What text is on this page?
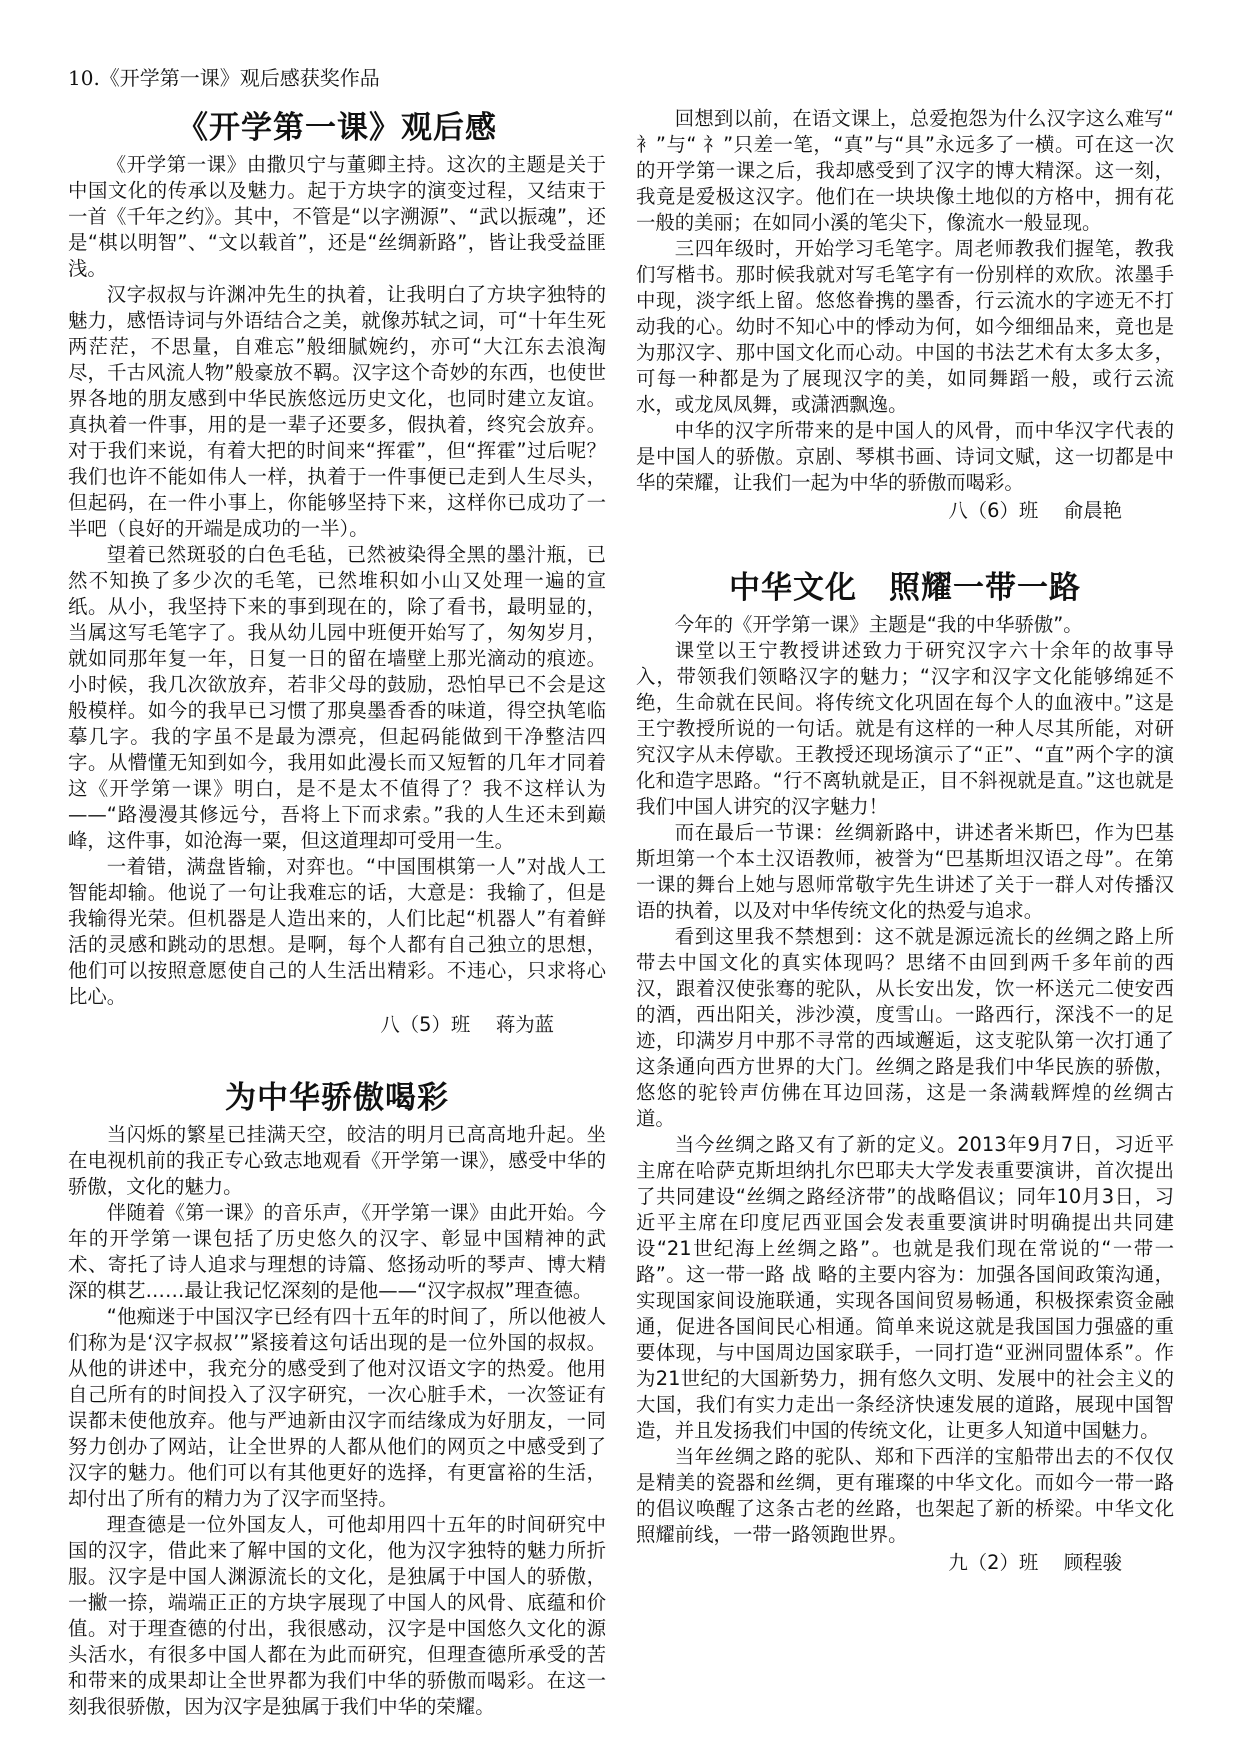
10.《开学第一课》观后感获奖作品
《开学第一课》观后感

《开学第一课》由撒贝宁与董卿主持。这次的主题是关于中国文化的传承以及魅力。起于方块字的演变过程，又结束于一首《千年之约》。其中，不管是“以字溯源”、“武以振魂”，还是“棋以明智”、“文以载首”，还是“丝绸新路”，皆让我受益匪浅。

汉字叔叔与许渊冲先生的执着，让我明白了方块字独特的魅力，感悟诗词与外语结合之美，就像苏轼之词，可“十年生死两茫茫，不思量，自难忘”般细腻婉约，亦可“大江东去浪淘尽，千古风流人物”般豪放不羁。汉字这个奇妙的东西，也使世界各地的朋友感到中华民族悠远历史文化，也同时建立友谊。真执着一件事，用的是一辈子还要多，假执着，终究会放弃。对于我们来说，有着大把的时间来“挥霍”，但“挥霍”过后呢？我们也许不能如伟人一样，执着于一件事便已走到人生尽头，但起码，在一件小事上，你能够坚持下来，这样你已成功了一半吧（良好的开端是成功的一半）。

望着已然斑驳的白色毛毡，已然被染得全黑的墨汁瓶，已然不知换了多少次的毛笔，已然堆积如小山又处理一遍的宣纸。从小，我坚持下来的事到现在的，除了看书，最明显的，当属这写毛笔字了。我从幼儿园中班便开始写了，匆匆岁月，就如同那年复一年，日复一日的留在墙壁上那光滴动的痕迹。小时候，我几次欲放弃，若非父母的鼓励，恐怕早已不会是这般模样。如今的我早已习惯了那臭墨香香的味道，得空执笔临摹几字。我的字虽不是最为漂亮，但起码能做到干净整洁四字。从懵懂无知到如今，我用如此漫长而又短暂的几年才同着这《开学第一课》明白，是不是太不值得了？我不这样认为——“路漫漫其修远兮，吾将上下而求索。”我的人生还未到巅峰，这件事，如沧海一粟，但这道理却可受用一生。

一着错，满盘皆输，对弈也。“中国围棋第一人”对战人工智能却输。他说了一句让我难忘的话，大意是：我输了，但是我输得光荣。但机器是人造出来的，人们比起“机器人”有着鲜活的灵感和跳动的思想。是啊，每个人都有自己独立的思想，他们可以按照意愿使自己的人生活出精彩。不违心，只求将心比心。

八（5）班　 蒋为蓝

为中华骄傲喝彩

当闪烁的繁星已挂满天空，皎洁的明月已高高地升起。坐在电视机前的我正专心致志地观看《开学第一课》，感受中华的骄傲，文化的魅力。

伴随着《第一课》的音乐声，《开学第一课》由此开始。今年的开学第一课包括了历史悠久的汉字、彰显中国精神的武术、寄托了诗人追求与理想的诗篇、悠扬动听的琴声、博大精深的棋艺……最让我记忆深刻的是他——“汉字叔叔”理查德。

“他痴迷于中国汉字已经有四十五年的时间了，所以他被人们称为是‘汉字叔叔’”紧接着这句话出现的是一位外国的叔叔。从他的讲述中，我充分的感受到了他对汉语文字的热爱。他用自己所有的时间投入了汉字研究，一次心脏手术，一次签证有误都未使他放弃。他与严迪新由汉字而结缘成为好朋友，一同努力创办了网站，让全世界的人都从他们的网页之中感受到了汉字的魅力。他们可以有其他更好的选择，有更富裕的生活，却付出了所有的精力为了汉字而坚持。

理查德是一位外国友人，可他却用四十五年的时间研究中国的汉字，借此来了解中国的文化，他为汉字独特的魅力所折服。汉字是中国人渊源流长的文化，是独属于中国人的骄傲，一撇一捺，端端正正的方块字展现了中国人的风骨、底蕴和价值。对于理查德的付出，我很感动，汉字是中国悠久文化的源头活水，有很多中国人都在为此而研究，但理查德所承受的苦和带来的成果却让全世界都为我们中华的骄傲而喝彩。在这一刻我很骄傲，因为汉字是独属于我们中华的荣耀。

回想到以前，在语文课上，总爱抱怨为什么汉字这么难写“ 衤”与“ 礻”只差一笔，“真”与“具”永远多了一横。可在这一次的开学第一课之后，我却感受到了汉字的博大精深。这一刻，我竟是爱极这汉字。他们在一块块像土地似的方格中，拥有花一般的美丽；在如同小溪的笔尖下，像流水一般显现。

三四年级时，开始学习毛笔字。周老师教我们握笔，教我们写楷书。那时候我就对写毛笔字有一份别样的欢欣。浓墨手中现，淡字纸上留。悠悠眷携的墨香，行云流水的字迹无不打动我的心。幼时不知心中的悸动为何，如今细细品来，竟也是为那汉字、那中国文化而心动。中国的书法艺术有太多太多，可每一种都是为了展现汉字的美，如同舞蹈一般，或行云流水，或龙凤凤舞，或潇洒飘逸。

中华的汉字所带来的是中国人的风骨，而中华汉字代表的是中国人的骄傲。京剧、琴棋书画、诗词文赋，这一切都是中华的荣耀，让我们一起为中华的骄傲而喝彩。

八（6）班　 俞晨艳

中华文化　照耀一带一路

今年的《开学第一课》主题是“我的中华骄傲”。

课堂以王宁教授讲述致力于研究汉字六十余年的故事导入，带领我们领略汉字的魅力；“汉字和汉字文化能够绵延不绝，生命就在民间。将传统文化巩固在每个人的血液中。”这是王宁教授所说的一句话。就是有这样的一种人尽其所能，对研究汉字从未停歇。王教授还现场演示了“正”、“直”两个字的演化和造字思路。“行不离轨就是正，目不斜视就是直。”这也就是我们中国人讲究的汉字魅力！

而在最后一节课：丝绸新路中，讲述者米斯巴，作为巴基斯坦第一个本土汉语教师，被誉为“巴基斯坦汉语之母”。在第一课的舞台上她与恩师常敬宇先生讲述了关于一群人对传播汉语的执着，以及对中华传统文化的热爱与追求。

看到这里我不禁想到：这不就是源远流长的丝绸之路上所带去中国文化的真实体现吗？思绪不由回到两千多年前的西汉，跟着汉使张骞的驼队，从长安出发，饮一杯送元二使安西的酒，西出阳关，涉沙漠，度雪山。一路西行，深浅不一的足迹，印满岁月中那不寻常的西域邂逅，这支驼队第一次打通了这条通向西方世界的大门。丝绸之路是我们中华民族的骄傲，悠悠的驼铃声仿佛在耳边回荡，这是一条满载辉煌的丝绸古道。

当今丝绸之路又有了新的定义。2013年9月7日，习近平主席在哈萨克斯坦纳扎尔巴耶夫大学发表重要演讲，首次提出了共同建设“丝绸之路经济带”的战略倡议；同年10月3日，习近平主席在印度尼西亚国会发表重要演讲时明确提出共同建设“21世纪海上丝绸之路”。也就是我们现在常说的“一带一路”。这一带一路 战 略的主要内容为：加强各国间政策沟通，实现国家间设施联通，实现各国间贸易畅通，积极探索资金融通，促进各国间民心相通。简单来说这就是我国国力强盛的重要体现，与中国周边国家联手，一同打造“亚洲同盟体系”。作为21世纪的大国新势力，拥有悠久文明、发展中的社会主义的大国，我们有实力走出一条经济快速发展的道路，展现中国智造，并且发扬我们中国的传统文化，让更多人知道中国魅力。

当年丝绸之路的驼队、郑和下西洋的宝船带出去的不仅仅是精美的瓷器和丝绸，更有璀璨的中华文化。而如今一带一路的倡议唤醒了这条古老的丝路，也架起了新的桥梁。中华文化照耀前线，一带一路领跑世界。

九（2）班　 顾程骏
